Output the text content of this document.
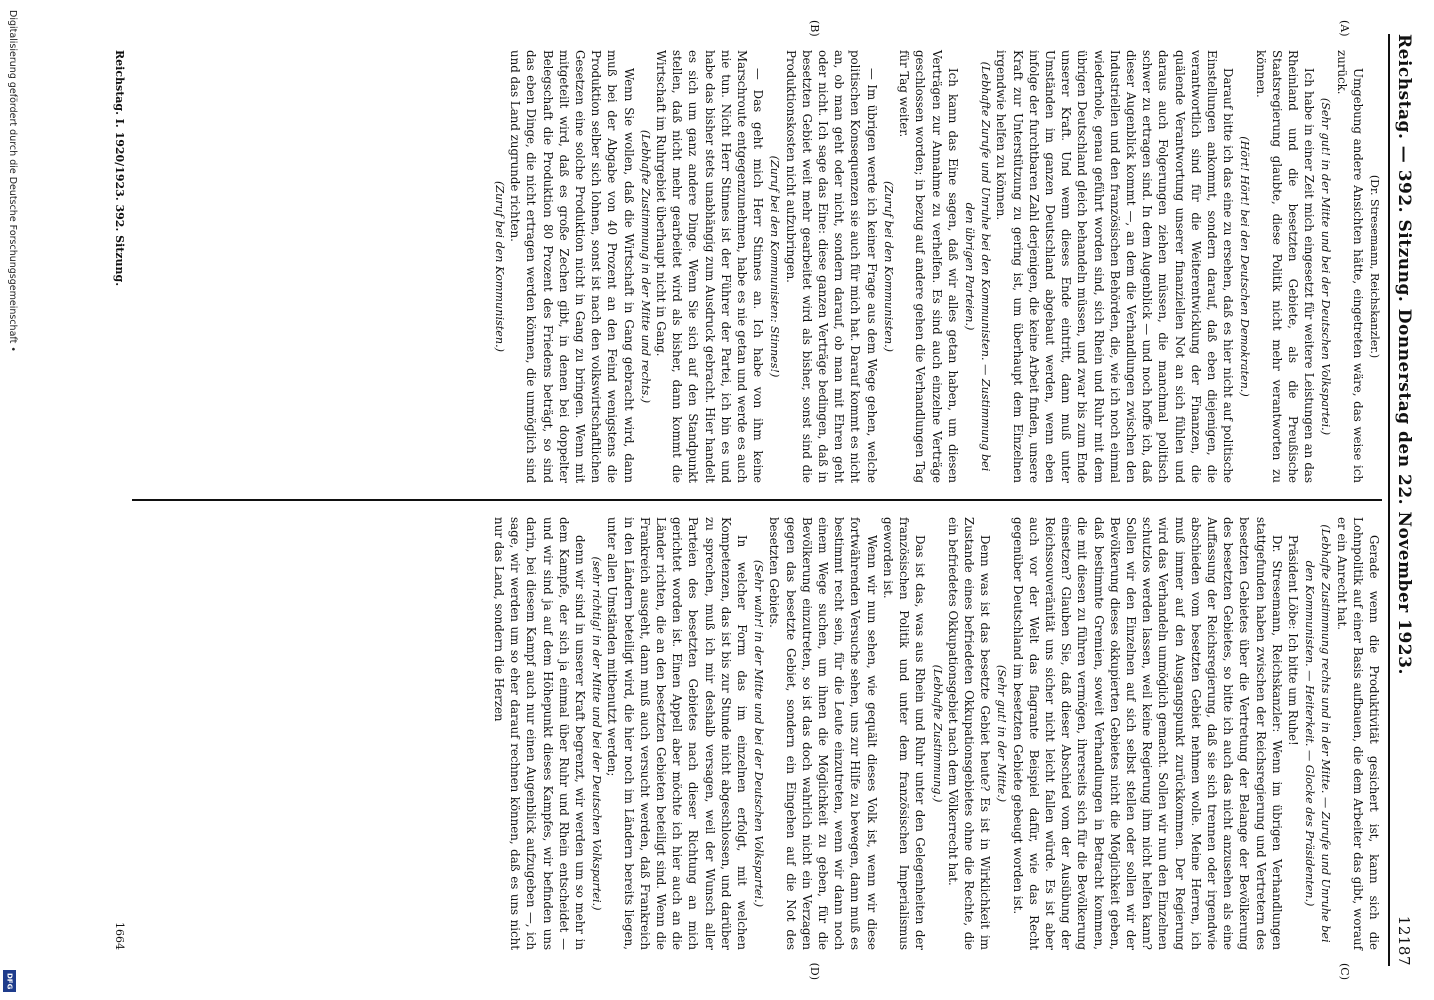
Digitalisierung gefördert durch die Deutsche Forschungsgemeinschaft •
DFG
Reichstag. — 392. Sitzung. Donnerstag den 22. November 1923.
12187

(Dr. Stresemann, Reichskanzler.)

Umgebung andere Ansichten hätte, eingetreten wäre, das weise ich zurück.

(Sehr gut! in der Mitte und bei der Deutschen Volkspartei.)

Ich habe in einer Zeit mich eingesetzt für weitere Leistungen an das Rheinland und die besetzten Gebiete, als die Preußische Staatsregierung glaubte, diese Politik nicht mehr verantworten zu können.

(Hört! Hört! bei den Deutschen Demokraten.)

Darauf bitte ich das eine zu ersehen, daß es hier nicht auf politische Einstellungen ankommt, sondern darauf, daß eben diejenigen, die verantwortlich sind für die Weiterentwicklung der Finanzen, die quälende Verantwortung unserer finanziellen Not an sich fühlen und daraus auch Folgerungen ziehen müssen, die manchmal politisch schwer zu ertragen sind. In dem Augenblick — und noch hoffe ich, daß dieser Augenblick kommt —, an dem die Verhandlungen zwischen den Industriellen und den französischen Behörden, die, wie ich noch einmal wiederhole, genau geführt worden sind, sich Rhein und Ruhr mit dem übrigen Deutschland gleich behandeln müssen, und zwar bis zum Ende unserer Kraft. Und wenn dieses Ende eintritt, dann muß unter Umständen im ganzen Deutschland abgebaut werden, wenn eben infolge der furchtbaren Zahl derjenigen, die keine Arbeit finden, unsere Kraft zur Unterstützung zu gering ist, um überhaupt dem Einzelnen irgendwie helfen zu können.

(Lebhafte Zurufe und Unruhe bei den Kommunisten. — Zustimmung bei den übrigen Parteien.)

Ich kann das Eine sagen, daß wir alles getan haben, um diesen Verträgen zur Annahme zu verhelfen. Es sind auch einzelne Verträge geschlossen worden; in bezug auf andere gehen die Verhandlungen Tag für Tag weiter.

(Zuruf bei den Kommunisten.)

— Im übrigen werde ich keiner Frage aus dem Wege gehen, welche politischen Konsequenzen sie auch für mich hat. Darauf kommt es nicht an, ob man geht oder nicht, sondern darauf, ob man mit Ehren geht oder nicht. Ich sage das Eine: diese ganzen Verträge bedingen, daß in besetzten Gebiet weit mehr gearbeitet wird als bisher, sonst sind die Produktionskosten nicht aufzubringen.

(Zuruf bei den Kommunisten: Stinnes!)

— Das geht mich Herr Stinnes an. Ich habe von ihm keine Marschroute entgegenzunehmen, habe es nie getan und werde es auch nie tun. Nicht Herr Stinnes ist der Führer der Partei, ich bin es und habe das bisher stets unabhängig zum Ausdruck gebracht. Hier handelt es sich um ganz andere Dinge. Wenn Sie sich auf den Standpunkt stellen, daß nicht mehr gearbeitet wird als bisher, dann kommt die Wirtschaft im Ruhrgebiet überhaupt nicht in Gang.

(Lebhafte Zustimmung in der Mitte und rechts.)

Wenn Sie wollen, daß die Wirtschaft in Gang gebracht wird, dann muß bei der Abgabe von 40 Prozent an den Feind wenigstens die Produktion selber sich lohnen, sonst ist nach den volkswirtschaftlichen Gesetzen eine solche Produktion nicht in Gang zu bringen. Wenn mit mitgeteilt wird, daß es große Zechen gibt, in denen bei doppelter Belegschaft die Produktion 80 Prozent des Friedens beträgt, so sind das eben Dinge, die nicht ertragen werden können, die unmöglich sind und das Land zugrunde richten.

(Zuruf bei den Kommunisten.)

(A)
(B)

Gerade wenn die Produktivität gesichert ist, kann sich die Lohnpolitik auf einer Basis aufbauen, die dem Arbeiter das gibt, worauf er ein Anrecht hat.

(Lebhafte Zustimmung rechts und in der Mitte. — Zurufe und Unruhe bei den Kommunisten. — Heiterkeit. — Glocke des Präsidenten.)

Präsident Löbe: Ich bitte um Ruhe!

Dr. Stresemann, Reichskanzler: Wenn im übrigen Verhandlungen stattgefunden haben zwischen der Reichsregierung und Vertretern des besetzten Gebietes über die Vertretung der Belange der Bevölkerung des besetzten Gebietes, so bitte ich auch das nicht anzusehen als eine Auffassung der Reichsregierung, daß sie sich trennen oder irgendwie abschieden vom besetzten Gebiet nehmen wolle. Meine Herren, ich muß immer auf den Ausgangspunkt zurückkommen. Der Regierung wird das Verhandeln unmöglich gemacht. Sollen wir nun den Einzelnen schutzlos werden lassen, weil keine Regierung ihm nicht helfen kann? Sollen wir den Einzelnen auf sich selbst stellen oder sollen wir der Bevölkerung dieses okkupierten Gebietes nicht die Möglichkeit geben, daß bestimmte Gremien, soweit Verhandlungen in Betracht kommen, die mit diesen zu führen vermögen, ihrerseits sich für die Bevölkerung einsetzen? Glauben Sie, daß dieser Abschied vom der Ausübung der Reichssouveränität uns sicher nicht leicht fallen würde. Es ist aber auch vor der Welt das flagrante Beispiel dafür, wie das Recht gegenüber Deutschland im besetzten Gebiete gebeugt worden ist.

(Sehr gut! in der Mitte.)

Denn was ist das besetzte Gebiet heute? Es ist in Wirklichkeit im Zustande eines befriedeten Okkupationsgebietes ohne die Rechte, die ein befriedetes Okkupationsgebiet nach dem Völkerrecht hat.

(Lebhafte Zustimmung.)

Das ist das, was aus Rhein und Ruhr unter den Gelegenheiten der französischen Politik und unter dem französischen Imperialismus geworden ist.

Wenn wir nun sehen, wie gequält dieses Volk ist, wenn wir diese fortwährenden Versuche sehen, uns zur Hilfe zu bewegen, dann muß es bestimmt recht sein, für die Leute einzutreten, wenn wir dann noch einem Wege suchen, um ihnen die Möglichkeit zu geben, für die Bevölkerung einzutreten, so ist das doch wahrlich nicht ein Verzagen gegen das besetzte Gebiet, sondern ein Eingehen auf die Not des besetzten Gebiets.

(Sehr wahr! in der Mitte und bei der Deutschen Volkspartei.)

In welcher Form das im einzelnen erfolgt, mit welchen Kompetenzen, das ist bis zur Stunde nicht abgeschlossen, und darüber zu sprechen, muß ich mir deshalb versagen, weil der Wunsch aller Parteien des besetzten Gebietes nach dieser Richtung an mich gerichtet worden ist. Einen Appell aber möchte ich hier auch an die Länder richten, die an den besetzten Gebieten beteiligt sind. Wenn die Frankreich ausgeht, dann muß auch versucht werden, daß Frankreich in den Ländern beteiligt wird, die hier noch im Ländern bereits liegen, unter allen Umständen mitbenutzt werden;

(sehr richtig! in der Mitte und bei der Deutschen Volkspartei.)

denn wir sind in unserer Kraft begrenzt, wir werden um so mehr in dem Kampfe, der sich ja einmal über Ruhr und Rhein entscheidet — und wir sind ja auf dem Höhepunkt dieses Kampfes, wir befinden uns darin, bei diesem Kampf auch nur einen Augenblick aufzugeben —, ich sage, wir werden um so eher darauf rechnen können, daß es uns nicht nur das Land, sondern die Herzen

(C)
(D)
Reichstag. I. 1920/1923. 392. Sitzung.
1664
